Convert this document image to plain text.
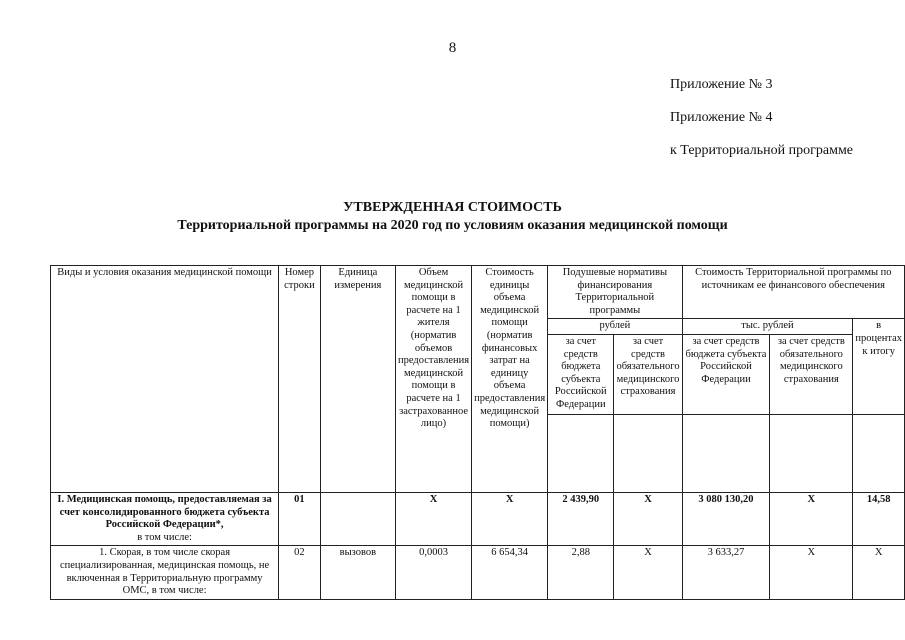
8
Приложение № 3
Приложение № 4
к Территориальной программе
УТВЕРЖДЕННАЯ СТОИМОСТЬ
Территориальной программы на 2020 год по условиям оказания медицинской помощи
Виды и условия оказания медицинской помощи	Номер строки	Единица измерения	Объем медицинской помощи в расчете на 1 жителя (норматив объемов предоставления медицинской помощи в расчете на 1 застрахованное лицо)	Стоимость единицы объема медицинской помощи (норматив финансовых затрат на единицу объема предоставления медицинской помощи)	Подушевые нормативы финансирования Территориальной программы		Стоимость Территориальной программы по источникам ее финансового обеспечения		
					рублей		тыс. рублей		в процентах к итогу
					за счет средств бюджета субъекта Российской Федерации	за счет средств обязательного медицинского страхования	за счет средств бюджета субъекта Российской Федерации	за счет средств обязательного медицинского страхования	

I. Медицинская помощь, предоставляемая за счет консолидированного бюджета субъекта Российской Федерации*,
в том числе:	01		X	X	2 439,90	X	3 080 130,20	X	14,58
1. Скорая, в том числе скорая специализированная, медицинская помощь, не включенная в Территориальную программу ОМС, в том числе:	02	вызовов	0,0003	6 654,34	2,88	X	3 633,27	X	X
